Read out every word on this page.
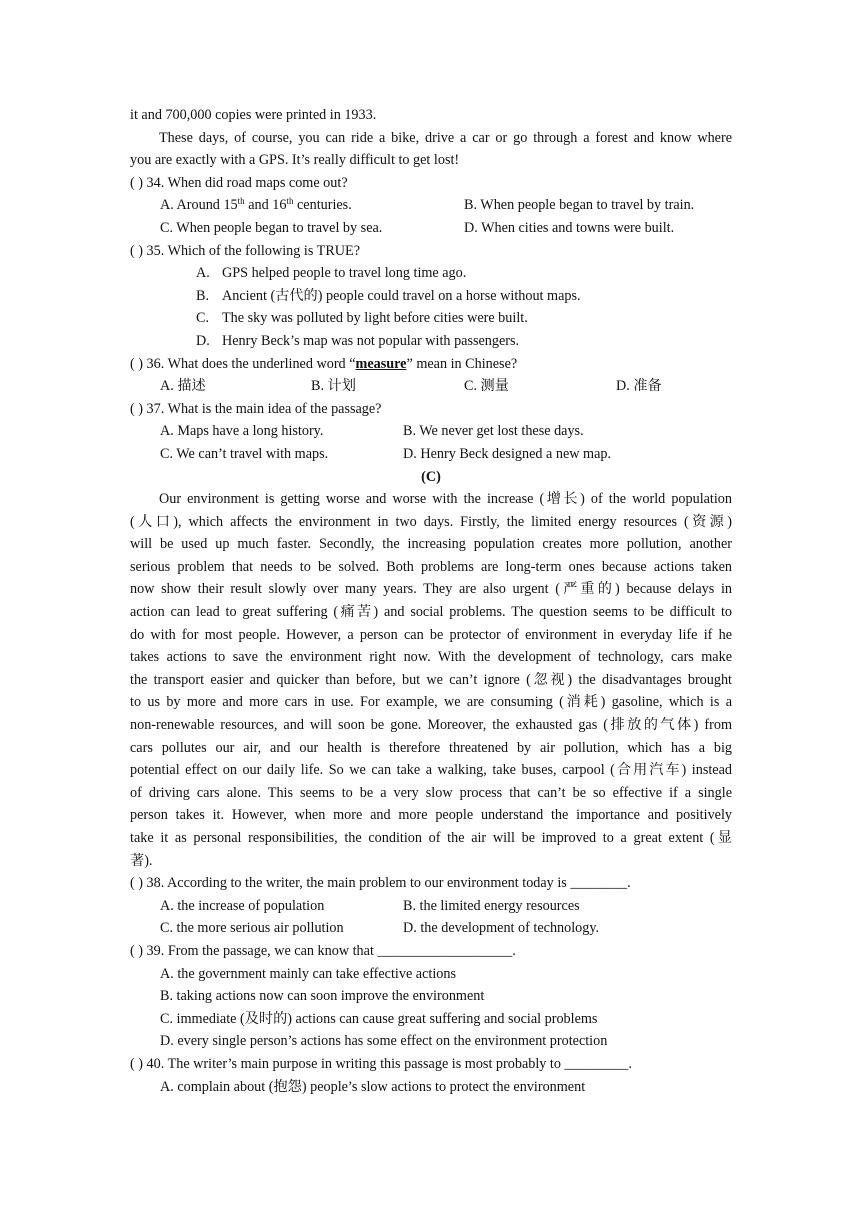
it and 700,000 copies were printed in 1933.
These days, of course, you can ride a bike, drive a car or go through a forest and know where
you are exactly with a GPS. It’s really difficult to get lost!
( ) 34. When did road maps come out?
A. Around 15th and 16th centuries.	B. When people began to travel by train.
C. When people began to travel by sea.	D. When cities and towns were built.
( ) 35. Which of the following is TRUE?
A. GPS helped people to travel long time ago.
B. Ancient (古代的) people could travel on a horse without maps.
C. The sky was polluted by light before cities were built.
D. Henry Beck’s map was not popular with passengers.
( ) 36. What does the underlined word “measure” mean in Chinese?
A. 描述	B. 计划	C. 测量	D. 准备
( ) 37. What is the main idea of the passage?
A. Maps have a long history.	B. We never get lost these days.
C. We can’t travel with maps.	D. Henry Beck designed a new map.
(C)
Our environment is getting worse and worse with the increase (增长) of the world population
(人口), which affects the environment in two days. Firstly, the limited energy resources (资源)
will be used up much faster. Secondly, the increasing population creates more pollution, another
serious problem that needs to be solved. Both problems are long-term ones because actions taken
now show their result slowly over many years. They are also urgent (严重的) because delays in
action can lead to great suffering (痛苦) and social problems. The question seems to be difficult to
do with for most people. However, a person can be protector of environment in everyday life if he
takes actions to save the environment right now. With the development of technology, cars make
the transport easier and quicker than before, but we can’t ignore (忽视) the disadvantages brought
to us by more and more cars in use. For example, we are consuming (消耗) gasoline, which is a
non-renewable resources, and will soon be gone. Moreover, the exhausted gas (排放的气体) from
cars pollutes our air, and our health is therefore threatened by air pollution, which has a big
potential effect on our daily life. So we can take a walking, take buses, carpool (合用汽车) instead
of driving cars alone. This seems to be a very slow process that can’t be so effective if a single
person takes it. However, when more and more people understand the importance and positively
take it as personal responsibilities, the condition of the air will be improved to a great extent (显
著).
( ) 38. According to the writer, the main problem to our environment today is ________.
A. the increase of population	B. the limited energy resources
C. the more serious air pollution	D. the development of technology.
( ) 39. From the passage, we can know that ___________________.
A. the government mainly can take effective actions
B. taking actions now can soon improve the environment
C. immediate (及时的) actions can cause great suffering and social problems
D. every single person’s actions has some effect on the environment protection
( ) 40. The writer’s main purpose in writing this passage is most probably to _________.
A. complain about (抱怨) people’s slow actions to protect the environment
